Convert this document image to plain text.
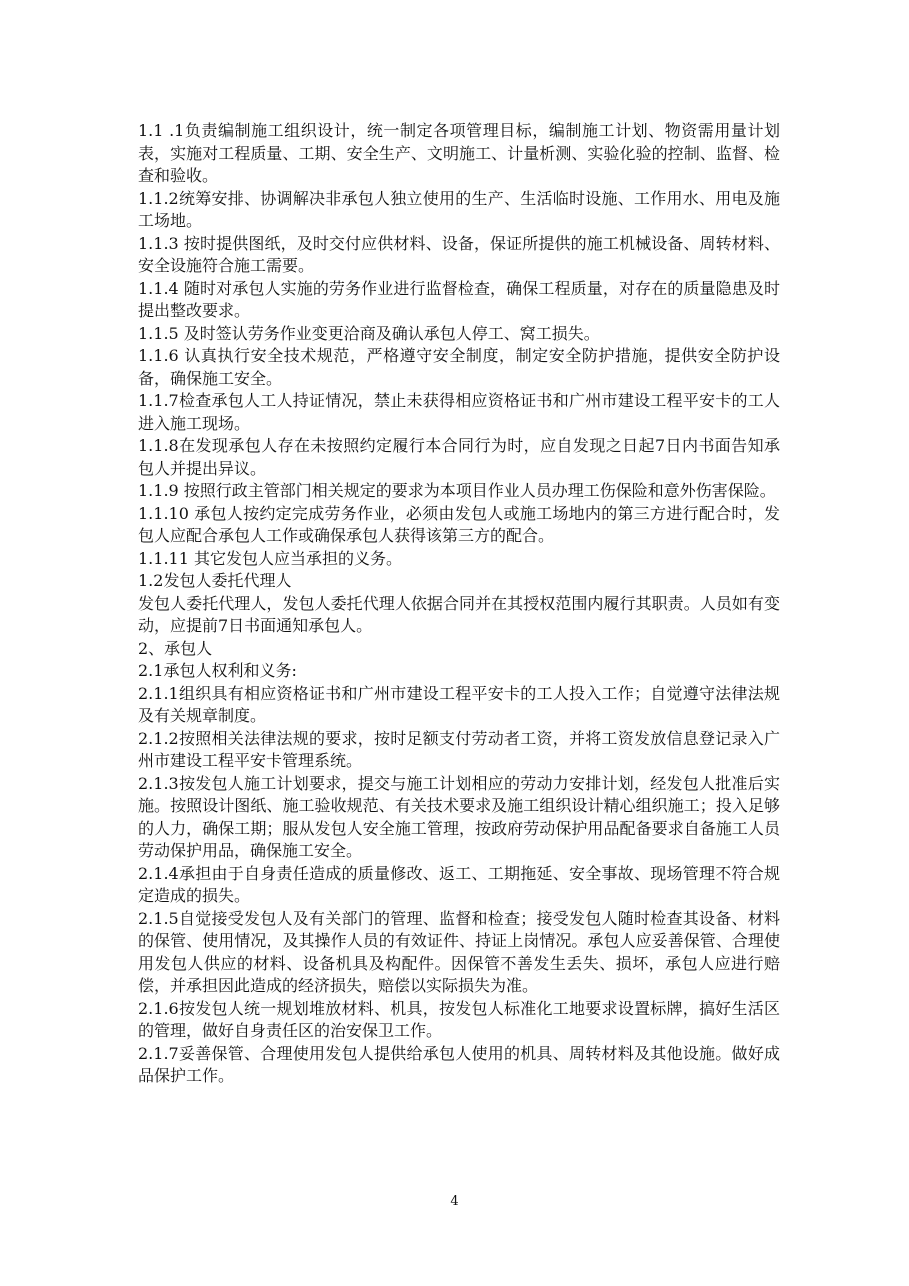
1.1 .1负责编制施工组织设计，统一制定各项管理目标，编制施工计划、物资需用量计划表，实施对工程质量、工期、安全生产、文明施工、计量析测、实验化验的控制、监督、检查和验收。

1.1.2统筹安排、协调解决非承包人独立使用的生产、生活临时设施、工作用水、用电及施工场地。

1.1.3 按时提供图纸，及时交付应供材料、设备，保证所提供的施工机械设备、周转材料、安全设施符合施工需要。

1.1.4 随时对承包人实施的劳务作业进行监督检查，确保工程质量，对存在的质量隐患及时提出整改要求。

1.1.5 及时签认劳务作业变更洽商及确认承包人停工、窝工损失。

1.1.6 认真执行安全技术规范，严格遵守安全制度，制定安全防护措施，提供安全防护设备，确保施工安全。

1.1.7检查承包人工人持证情况，禁止未获得相应资格证书和广州市建设工程平安卡的工人进入施工现场。

1.1.8在发现承包人存在未按照约定履行本合同行为时，应自发现之日起7日内书面告知承包人并提出异议。

1.1.9 按照行政主管部门相关规定的要求为本项目作业人员办理工伤保险和意外伤害保险。

1.1.10 承包人按约定完成劳务作业，必须由发包人或施工场地内的第三方进行配合时，发包人应配合承包人工作或确保承包人获得该第三方的配合。

1.1.11 其它发包人应当承担的义务。

1.2发包人委托代理人

发包人委托代理人，发包人委托代理人依据合同并在其授权范围内履行其职责。人员如有变动，应提前7日书面通知承包人。

2、承包人

2.1承包人权利和义务:

2.1.1组织具有相应资格证书和广州市建设工程平安卡的工人投入工作；自觉遵守法律法规及有关规章制度。

2.1.2按照相关法律法规的要求，按时足额支付劳动者工资，并将工资发放信息登记录入广州市建设工程平安卡管理系统。

2.1.3按发包人施工计划要求，提交与施工计划相应的劳动力安排计划，经发包人批准后实施。按照设计图纸、施工验收规范、有关技术要求及施工组织设计精心组织施工；投入足够的人力，确保工期；服从发包人安全施工管理，按政府劳动保护用品配备要求自备施工人员劳动保护用品，确保施工安全。

2.1.4承担由于自身责任造成的质量修改、返工、工期拖延、安全事故、现场管理不符合规定造成的损失。

2.1.5自觉接受发包人及有关部门的管理、监督和检查；接受发包人随时检查其设备、材料的保管、使用情况，及其操作人员的有效证件、持证上岗情况。承包人应妥善保管、合理使用发包人供应的材料、设备机具及构配件。因保管不善发生丢失、损坏，承包人应进行赔偿，并承担因此造成的经济损失，赔偿以实际损失为准。

2.1.6按发包人统一规划堆放材料、机具，按发包人标准化工地要求设置标牌，搞好生活区的管理，做好自身责任区的治安保卫工作。

2.1.7妥善保管、合理使用发包人提供给承包人使用的机具、周转材料及其他设施。做好成品保护工作。

4
